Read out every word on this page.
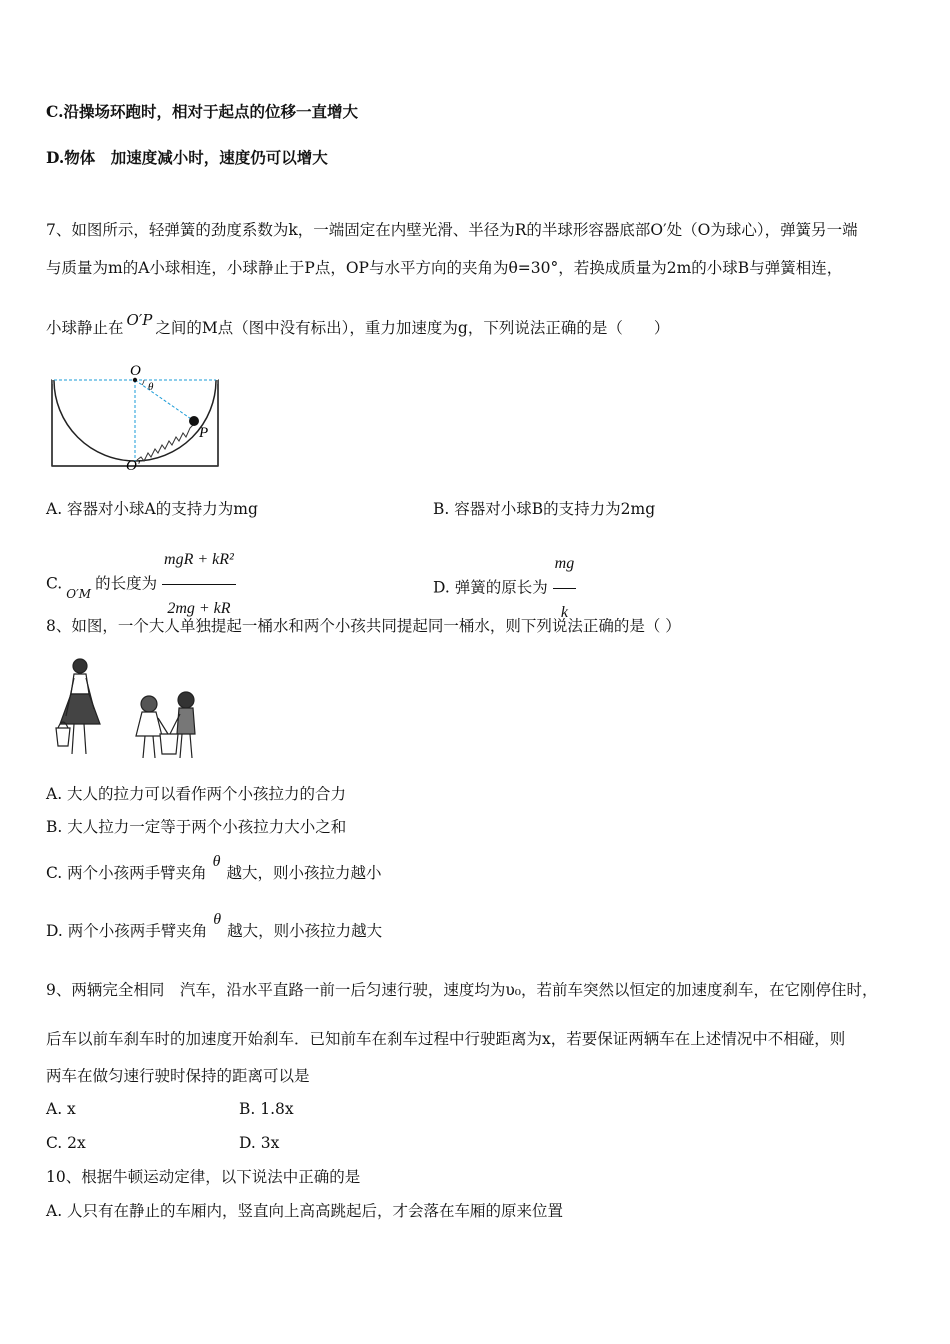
C.沿操场环跑时，相对于起点的位移一直增大
D.物体　加速度减小时，速度仍可以增大
7、如图所示，轻弹簧的劲度系数为k，一端固定在内壁光滑、半径为R的半球形容器底部O′处（O为球心），弹簧另一端
与质量为m的A小球相连，小球静止于P点，OP与水平方向的夹角为θ=30°，若换成质量为2m的小球B与弹簧相连，
小球静止在 O′P 之间的M点（图中没有标出），重力加速度为g，下列说法正确的是（　　）
O
θ
P
O′
A. 容器对小球A的支持力为mg	B. 容器对小球B的支持力为2mg
$C._{O'M}$的长度为 $\frac{\text{mgR + kR²}}{2mg + kR}$	D. 弹簧的原长为 $\frac{mg}{k}$
8、如图，一个大人单独提起一桶水和两个小孩共同提起同一桶水，则下列说法正确的是（ ）
A. 大人的拉力可以看作两个小孩拉力的合力
B. 大人拉力一定等于两个小孩拉力大小之和
C. 两个小孩两手臂夹角θ越大，则小孩拉力越小
D. 两个小孩两手臂夹角θ越大，则小孩拉力越大
9、两辆完全相同　汽车，沿水平直路一前一后匀速行驶，速度均为υ₀，若前车突然以恒定的加速度刹车，在它刚停住时，
后车以前车刹车时的加速度开始刹车．已知前车在刹车过程中行驶距离为x，若要保证两辆车在上述情况中不相碰，则
两车在做匀速行驶时保持的距离可以是
A. x	B. 1.8x
C. 2x	D. 3x
10、根据牛顿运动定律，以下说法中正确的是
A. 人只有在静止的车厢内，竖直向上高高跳起后，才会落在车厢的原来位置
